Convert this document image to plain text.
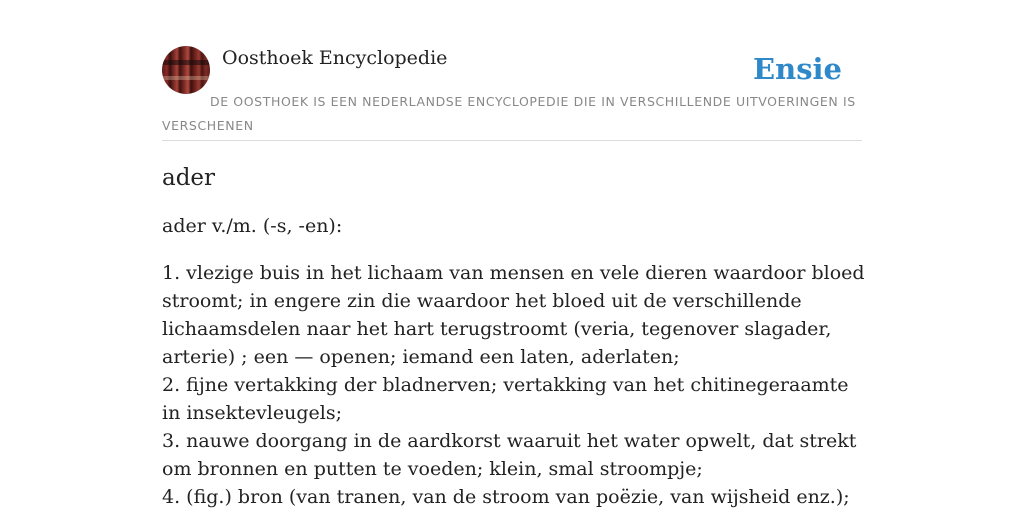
Oosthoek Encyclopedie	Ensie
DE OOSTHOEK IS EEN NEDERLANDSE ENCYCLOPEDIE DIE IN VERSCHILLENDE UITVOERINGEN IS VERSCHENEN
ader

ader v./m. (-s, -en):

1. vlezige buis in het lichaam van mensen en vele dieren waardoor bloed stroomt; in engere zin die waardoor het bloed uit de verschillende lichaamsdelen naar het hart terugstroomt (veria, tegenover slagader, arterie) ; een — openen; iemand een laten, aderlaten;
2. fijne vertakking der bladnerven; vertakking van het chitinegeraamte in insektevleugels;
3. nauwe doorgang in de aardkorst waaruit het water opwelt, dat strekt om bronnen en putten te voeden; klein, smal stroompje;
4. (fig.) bron (van tranen, van de stroom van poëzie, van wijsheid enz.);
